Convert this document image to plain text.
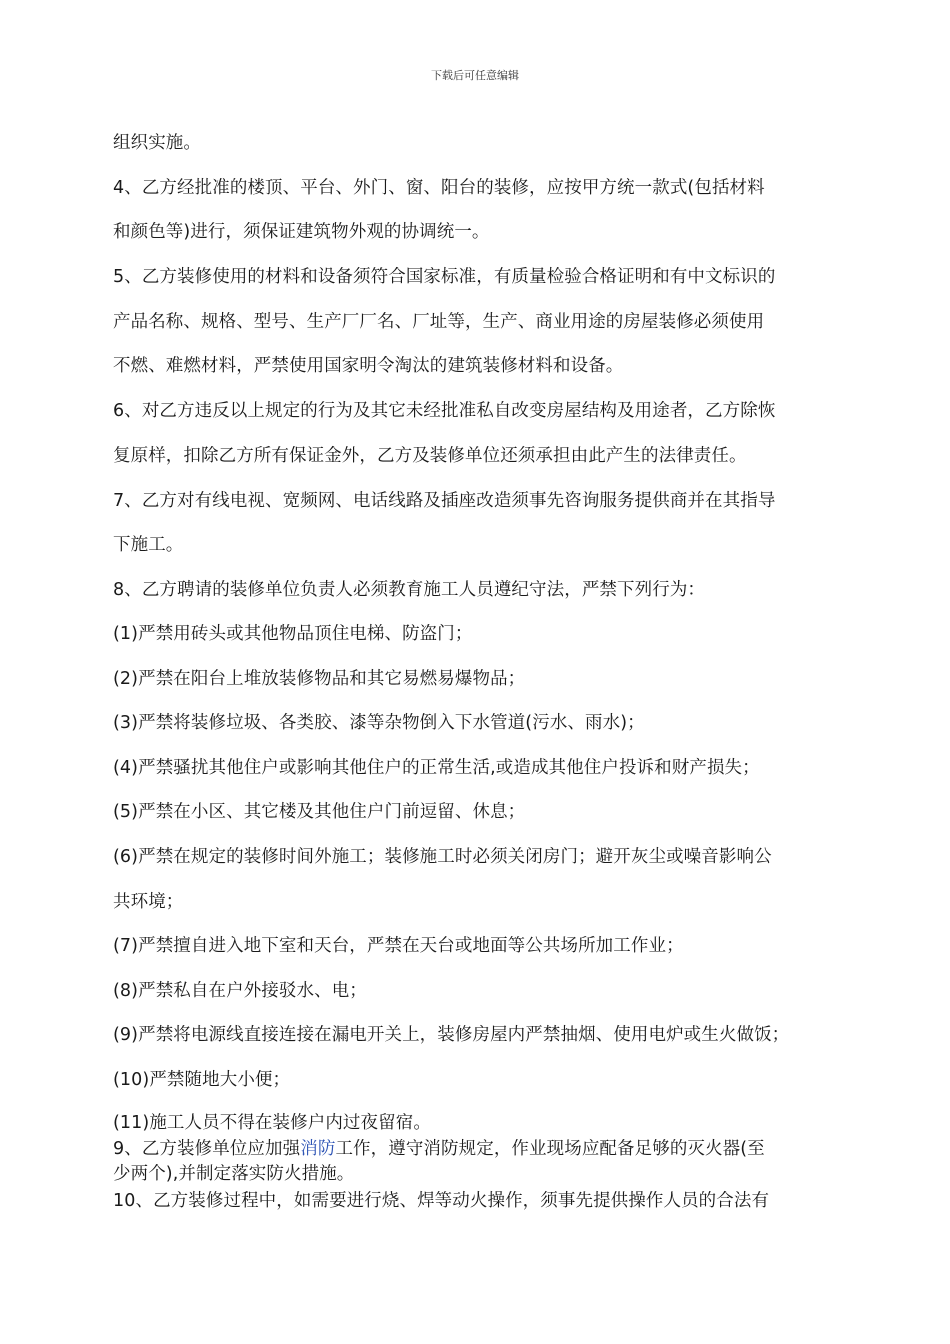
下载后可任意编辑
组织实施。
4、乙方经批准的楼顶、平台、外门、窗、阳台的装修，应按甲方统一款式(包括材料
和颜色等)进行，须保证建筑物外观的协调统一。
5、乙方装修使用的材料和设备须符合国家标准，有质量检验合格证明和有中文标识的
产品名称、规格、型号、生产厂厂名、厂址等，生产、商业用途的房屋装修必须使用
不燃、难燃材料，严禁使用国家明令淘汰的建筑装修材料和设备。
6、对乙方违反以上规定的行为及其它未经批准私自改变房屋结构及用途者，乙方除恢
复原样，扣除乙方所有保证金外，乙方及装修单位还须承担由此产生的法律责任。
7、乙方对有线电视、宽频网、电话线路及插座改造须事先咨询服务提供商并在其指导
下施工。
8、乙方聘请的装修单位负责人必须教育施工人员遵纪守法，严禁下列行为：
(1)严禁用砖头或其他物品顶住电梯、防盗门；
(2)严禁在阳台上堆放装修物品和其它易燃易爆物品；
(3)严禁将装修垃圾、各类胶、漆等杂物倒入下水管道(污水、雨水)；
(4)严禁骚扰其他住户或影响其他住户的正常生活,或造成其他住户投诉和财产损失；
(5)严禁在小区、其它楼及其他住户门前逗留、休息；
(6)严禁在规定的装修时间外施工；装修施工时必须关闭房门；避开灰尘或噪音影响公
共环境；
(7)严禁擅自进入地下室和天台，严禁在天台或地面等公共场所加工作业；
(8)严禁私自在户外接驳水、电；
(9)严禁将电源线直接连接在漏电开关上，装修房屋内严禁抽烟、使用电炉或生火做饭；
(10)严禁随地大小便；
(11)施工人员不得在装修户内过夜留宿。
9、乙方装修单位应加强消防工作，遵守消防规定，作业现场应配备足够的灭火器(至
少两个),并制定落实防火措施。
10、乙方装修过程中，如需要进行烧、焊等动火操作，须事先提供操作人员的合法有
